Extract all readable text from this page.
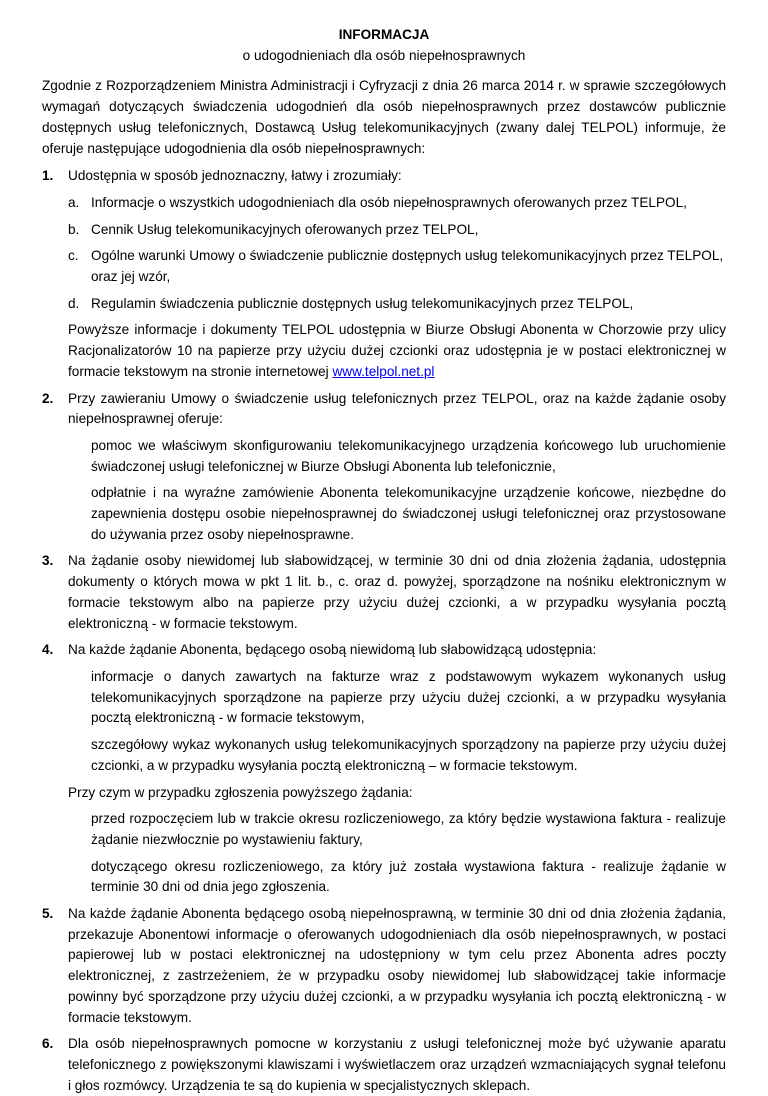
INFORMACJA
o udogodnieniach dla osób niepełnosprawnych

Zgodnie z Rozporządzeniem Ministra Administracji i Cyfryzacji z dnia 26 marca 2014 r. w sprawie szczegółowych wymagań dotyczących świadczenia udogodnień dla osób niepełnosprawnych przez dostawców publicznie dostępnych usług telefonicznych, Dostawcą Usług telekomunikacyjnych (zwany dalej TELPOL) informuje, że oferuje następujące udogodnienia dla osób niepełnosprawnych:

1. Udostępnia w sposób jednoznaczny, łatwy i zrozumiały:

a. Informacje o wszystkich udogodnieniach dla osób niepełnosprawnych oferowanych przez TELPOL,

b. Cennik Usług telekomunikacyjnych oferowanych przez TELPOL,

c. Ogólne warunki Umowy o świadczenie publicznie dostępnych usług telekomunikacyjnych przez TELPOL, oraz jej wzór,

d. Regulamin świadczenia publicznie dostępnych usług telekomunikacyjnych przez TELPOL,

Powyższe informacje i dokumenty TELPOL udostępnia w Biurze Obsługi Abonenta w Chorzowie przy ulicy Racjonalizatorów 10 na papierze przy użyciu dużej czcionki oraz udostępnia je w postaci elektronicznej w formacie tekstowym na stronie internetowej www.telpol.net.pl

2. Przy zawieraniu Umowy o świadczenie usług telefonicznych przez TELPOL, oraz na każde żądanie osoby niepełnosprawnej oferuje:

pomoc we właściwym skonfigurowaniu telekomunikacyjnego urządzenia końcowego lub uruchomienie świadczonej usługi telefonicznej w Biurze Obsługi Abonenta lub telefonicznie,

odpłatnie i na wyraźne zamówienie Abonenta telekomunikacyjne urządzenie końcowe, niezbędne do zapewnienia dostępu osobie niepełnosprawnej do świadczonej usługi telefonicznej oraz przystosowane do używania przez osoby niepełnosprawne.

3. Na żądanie osoby niewidomej lub słabowidzącej, w terminie 30 dni od dnia złożenia żądania, udostępnia dokumenty o których mowa w pkt 1 lit. b., c. oraz d. powyżej, sporządzone na nośniku elektronicznym w formacie tekstowym albo na papierze przy użyciu dużej czcionki, a w przypadku wysyłania pocztą elektroniczną - w formacie tekstowym.

4. Na każde żądanie Abonenta, będącego osobą niewidomą lub słabowidzącą udostępnia:

informacje o danych zawartych na fakturze wraz z podstawowym wykazem wykonanych usług telekomunikacyjnych sporządzone na papierze przy użyciu dużej czcionki, a w przypadku wysyłania pocztą elektroniczną - w formacie tekstowym,

szczegółowy wykaz wykonanych usług telekomunikacyjnych sporządzony na papierze przy użyciu dużej czcionki, a w przypadku wysyłania pocztą elektroniczną – w formacie tekstowym.

Przy czym w przypadku zgłoszenia powyższego żądania:

przed rozpoczęciem lub w trakcie okresu rozliczeniowego, za który będzie wystawiona faktura - realizuje żądanie niezwłocznie po wystawieniu faktury,

dotyczącego okresu rozliczeniowego, za który już została wystawiona faktura - realizuje żądanie w terminie 30 dni od dnia jego zgłoszenia.

5. Na każde żądanie Abonenta będącego osobą niepełnosprawną, w terminie 30 dni od dnia złożenia żądania, przekazuje Abonentowi informacje o oferowanych udogodnieniach dla osób niepełnosprawnych, w postaci papierowej lub w postaci elektronicznej na udostępniony w tym celu przez Abonenta adres poczty elektronicznej, z zastrzeżeniem, że w przypadku osoby niewidomej lub słabowidzącej takie informacje powinny być sporządzone przy użyciu dużej czcionki, a w przypadku wysyłania ich pocztą elektroniczną - w formacie tekstowym.

6. Dla osób niepełnosprawnych pomocne w korzystaniu z usługi telefonicznej może być używanie aparatu telefonicznego z powiększonymi klawiszami i wyświetlaczem oraz urządzeń wzmacniających sygnał telefonu i głos rozmówcy. Urządzenia te są do kupienia w specjalistycznych sklepach.
